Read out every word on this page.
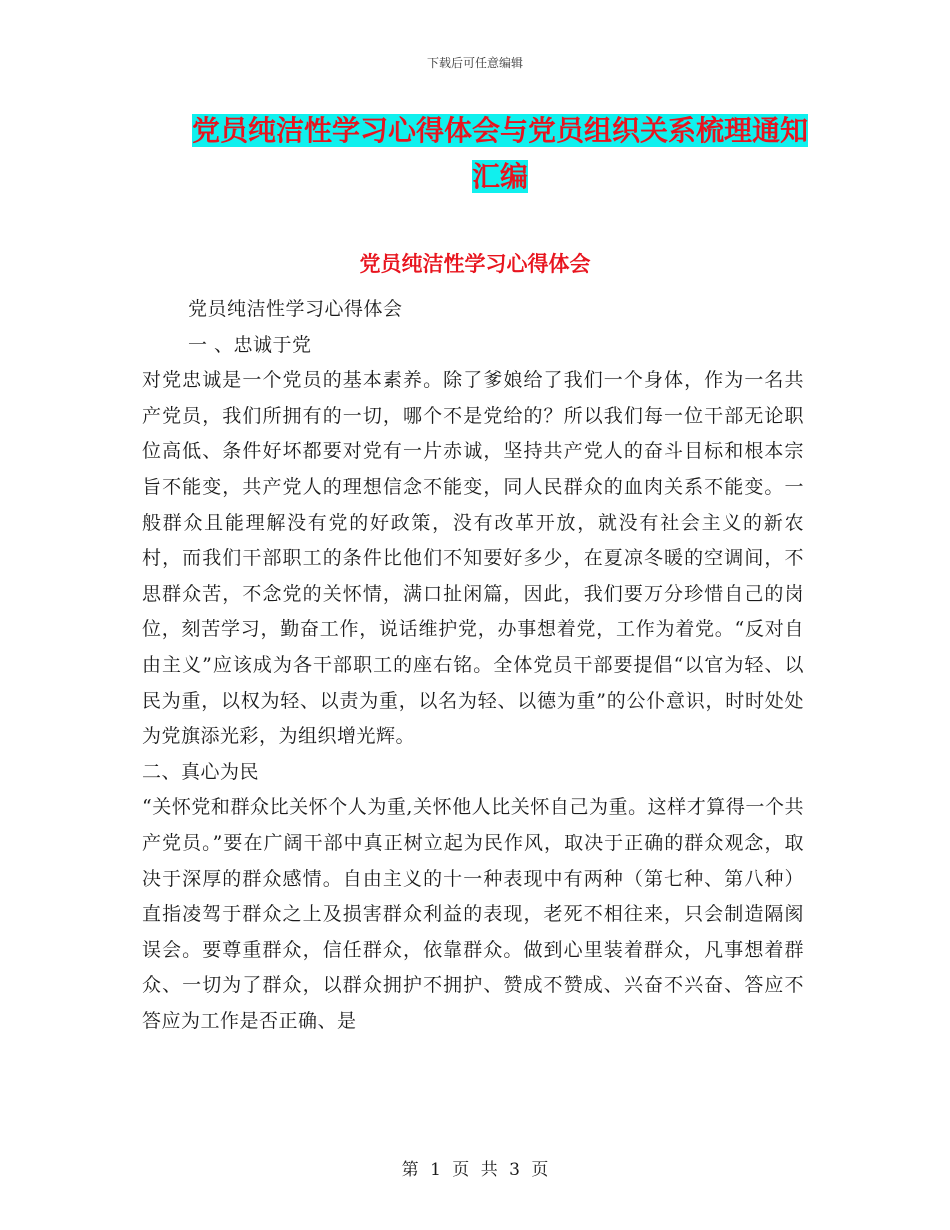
下载后可任意编辑
党员纯洁性学习心得体会与党员组织关系梳理通知汇编
党员纯洁性学习心得体会

党员纯洁性学习心得体会

一 、忠诚于党

对党忠诚是一个党员的基本素养。除了爹娘给了我们一个身体，作为一名共产党员，我们所拥有的一切，哪个不是党给的？所以我们每一位干部无论职位高低、条件好坏都要对党有一片赤诚，坚持共产党人的奋斗目标和根本宗旨不能变，共产党人的理想信念不能变，同人民群众的血肉关系不能变。一般群众且能理解没有党的好政策，没有改革开放，就没有社会主义的新农村，而我们干部职工的条件比他们不知要好多少，在夏凉冬暖的空调间，不思群众苦，不念党的关怀情，满口扯闲篇，因此，我们要万分珍惜自己的岗位，刻苦学习，勤奋工作，说话维护党，办事想着党，工作为着党。“反对自由主义”应该成为各干部职工的座右铭。全体党员干部要提倡“以官为轻、以民为重，以权为轻、以责为重，以名为轻、以德为重”的公仆意识，时时处处为党旗添光彩，为组织增光辉。

二、真心为民

“关怀党和群众比关怀个人为重,关怀他人比关怀自己为重。这样才算得一个共产党员。”要在广阔干部中真正树立起为民作风，取决于正确的群众观念，取决于深厚的群众感情。自由主义的十一种表现中有两种（第七种、第八种）直指凌驾于群众之上及损害群众利益的表现，老死不相往来，只会制造隔阂误会。要尊重群众，信任群众，依靠群众。做到心里装着群众，凡事想着群众、一切为了群众，以群众拥护不拥护、赞成不赞成、兴奋不兴奋、答应不答应为工作是否正确、是

第 1 页 共 3 页
